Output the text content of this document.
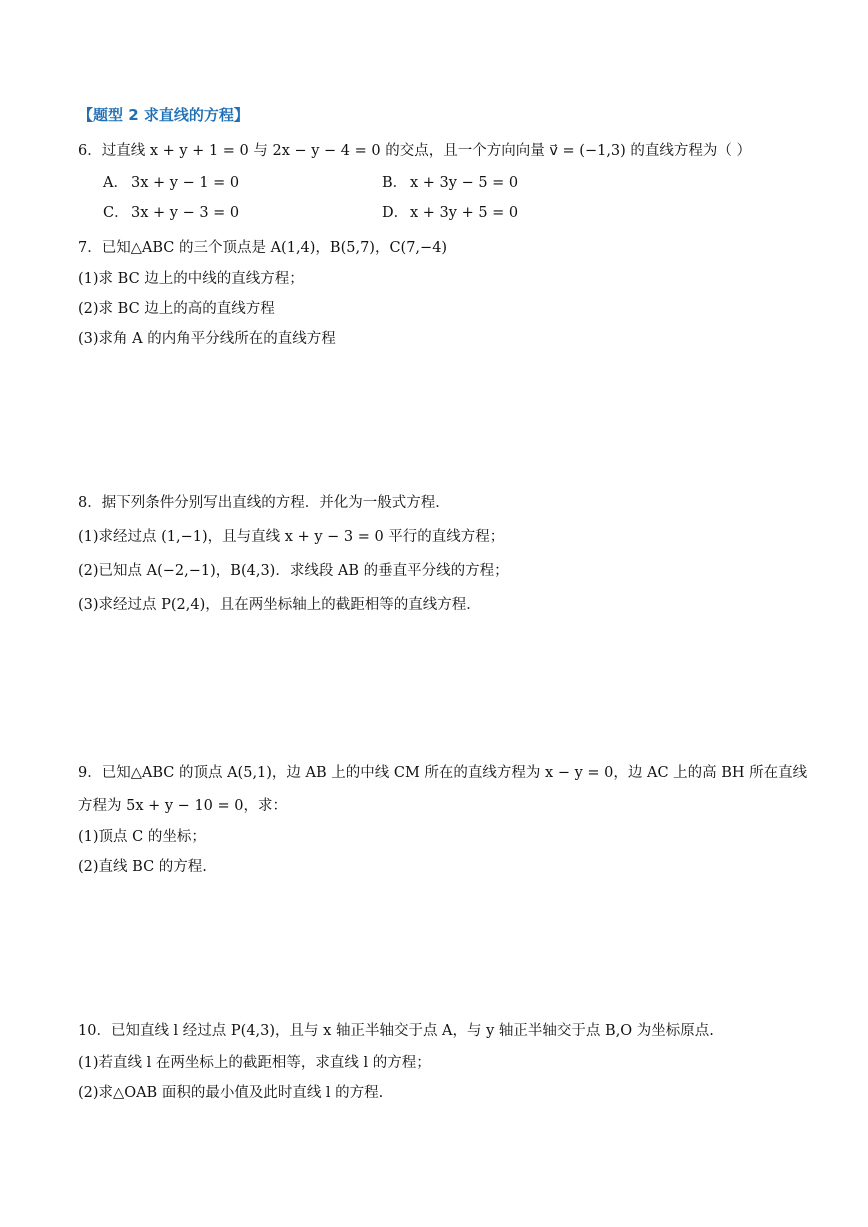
【题型 2 求直线的方程】
6．过直线 x + y + 1 = 0 与 2x − y − 4 = 0 的交点，且一个方向向量 v⃗ = (−1,3) 的直线方程为（ ）
A． 3x + y − 1 = 0	B． x + 3y − 5 = 0
C． 3x + y − 3 = 0	D． x + 3y + 5 = 0
7．已知△ABC 的三个顶点是 A(1,4)，B(5,7)，C(7,−4)
(1)求 BC 边上的中线的直线方程；
(2)求 BC 边上的高的直线方程
(3)求角 A 的内角平分线所在的直线方程
8．据下列条件分别写出直线的方程．并化为一般式方程．
(1)求经过点 (1,−1)，且与直线 x + y − 3 = 0 平行的直线方程；
(2)已知点 A(−2,−1)，B(4,3)．求线段 AB 的垂直平分线的方程；
(3)求经过点 P(2,4)，且在两坐标轴上的截距相等的直线方程．
9．已知△ABC 的顶点 A(5,1)，边 AB 上的中线 CM 所在的直线方程为 x − y = 0，边 AC 上的高 BH 所在直线
方程为 5x + y − 10 = 0，求：
(1)顶点 C 的坐标；
(2)直线 BC 的方程.
10．已知直线 l 经过点 P(4,3)，且与 x 轴正半轴交于点 A，与 y 轴正半轴交于点 B,O 为坐标原点.
(1)若直线 l 在两坐标上的截距相等，求直线 l 的方程；
(2)求△OAB 面积的最小值及此时直线 l 的方程.
